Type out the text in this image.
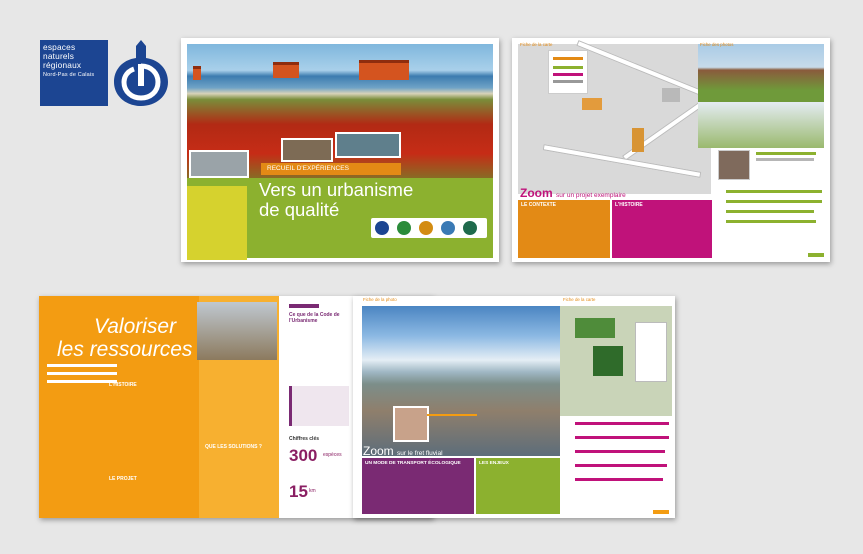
espaces
naturels
régionaux
Nord-Pas de Calais
RECUEIL D'EXPÉRIENCES
Vers un urbanisme
de qualité
Fiche de la carte	Fiche des photos
Zoom sur un projet exemplaire
LE CONTEXTE	L'HISTOIRE
Valoriser
les ressources
L'HISTOIRE
LE PROJET
QUE LES SOLUTIONS ?
Ce que de la Code de l'Urbanisme
Chiffres clés
300 espèces
15 km
Fiche de la photo	Fiche de la carte
Zoom sur le fret fluvial
UN MODE DE TRANSPORT ÉCOLOGIQUE	LES ENJEUX
